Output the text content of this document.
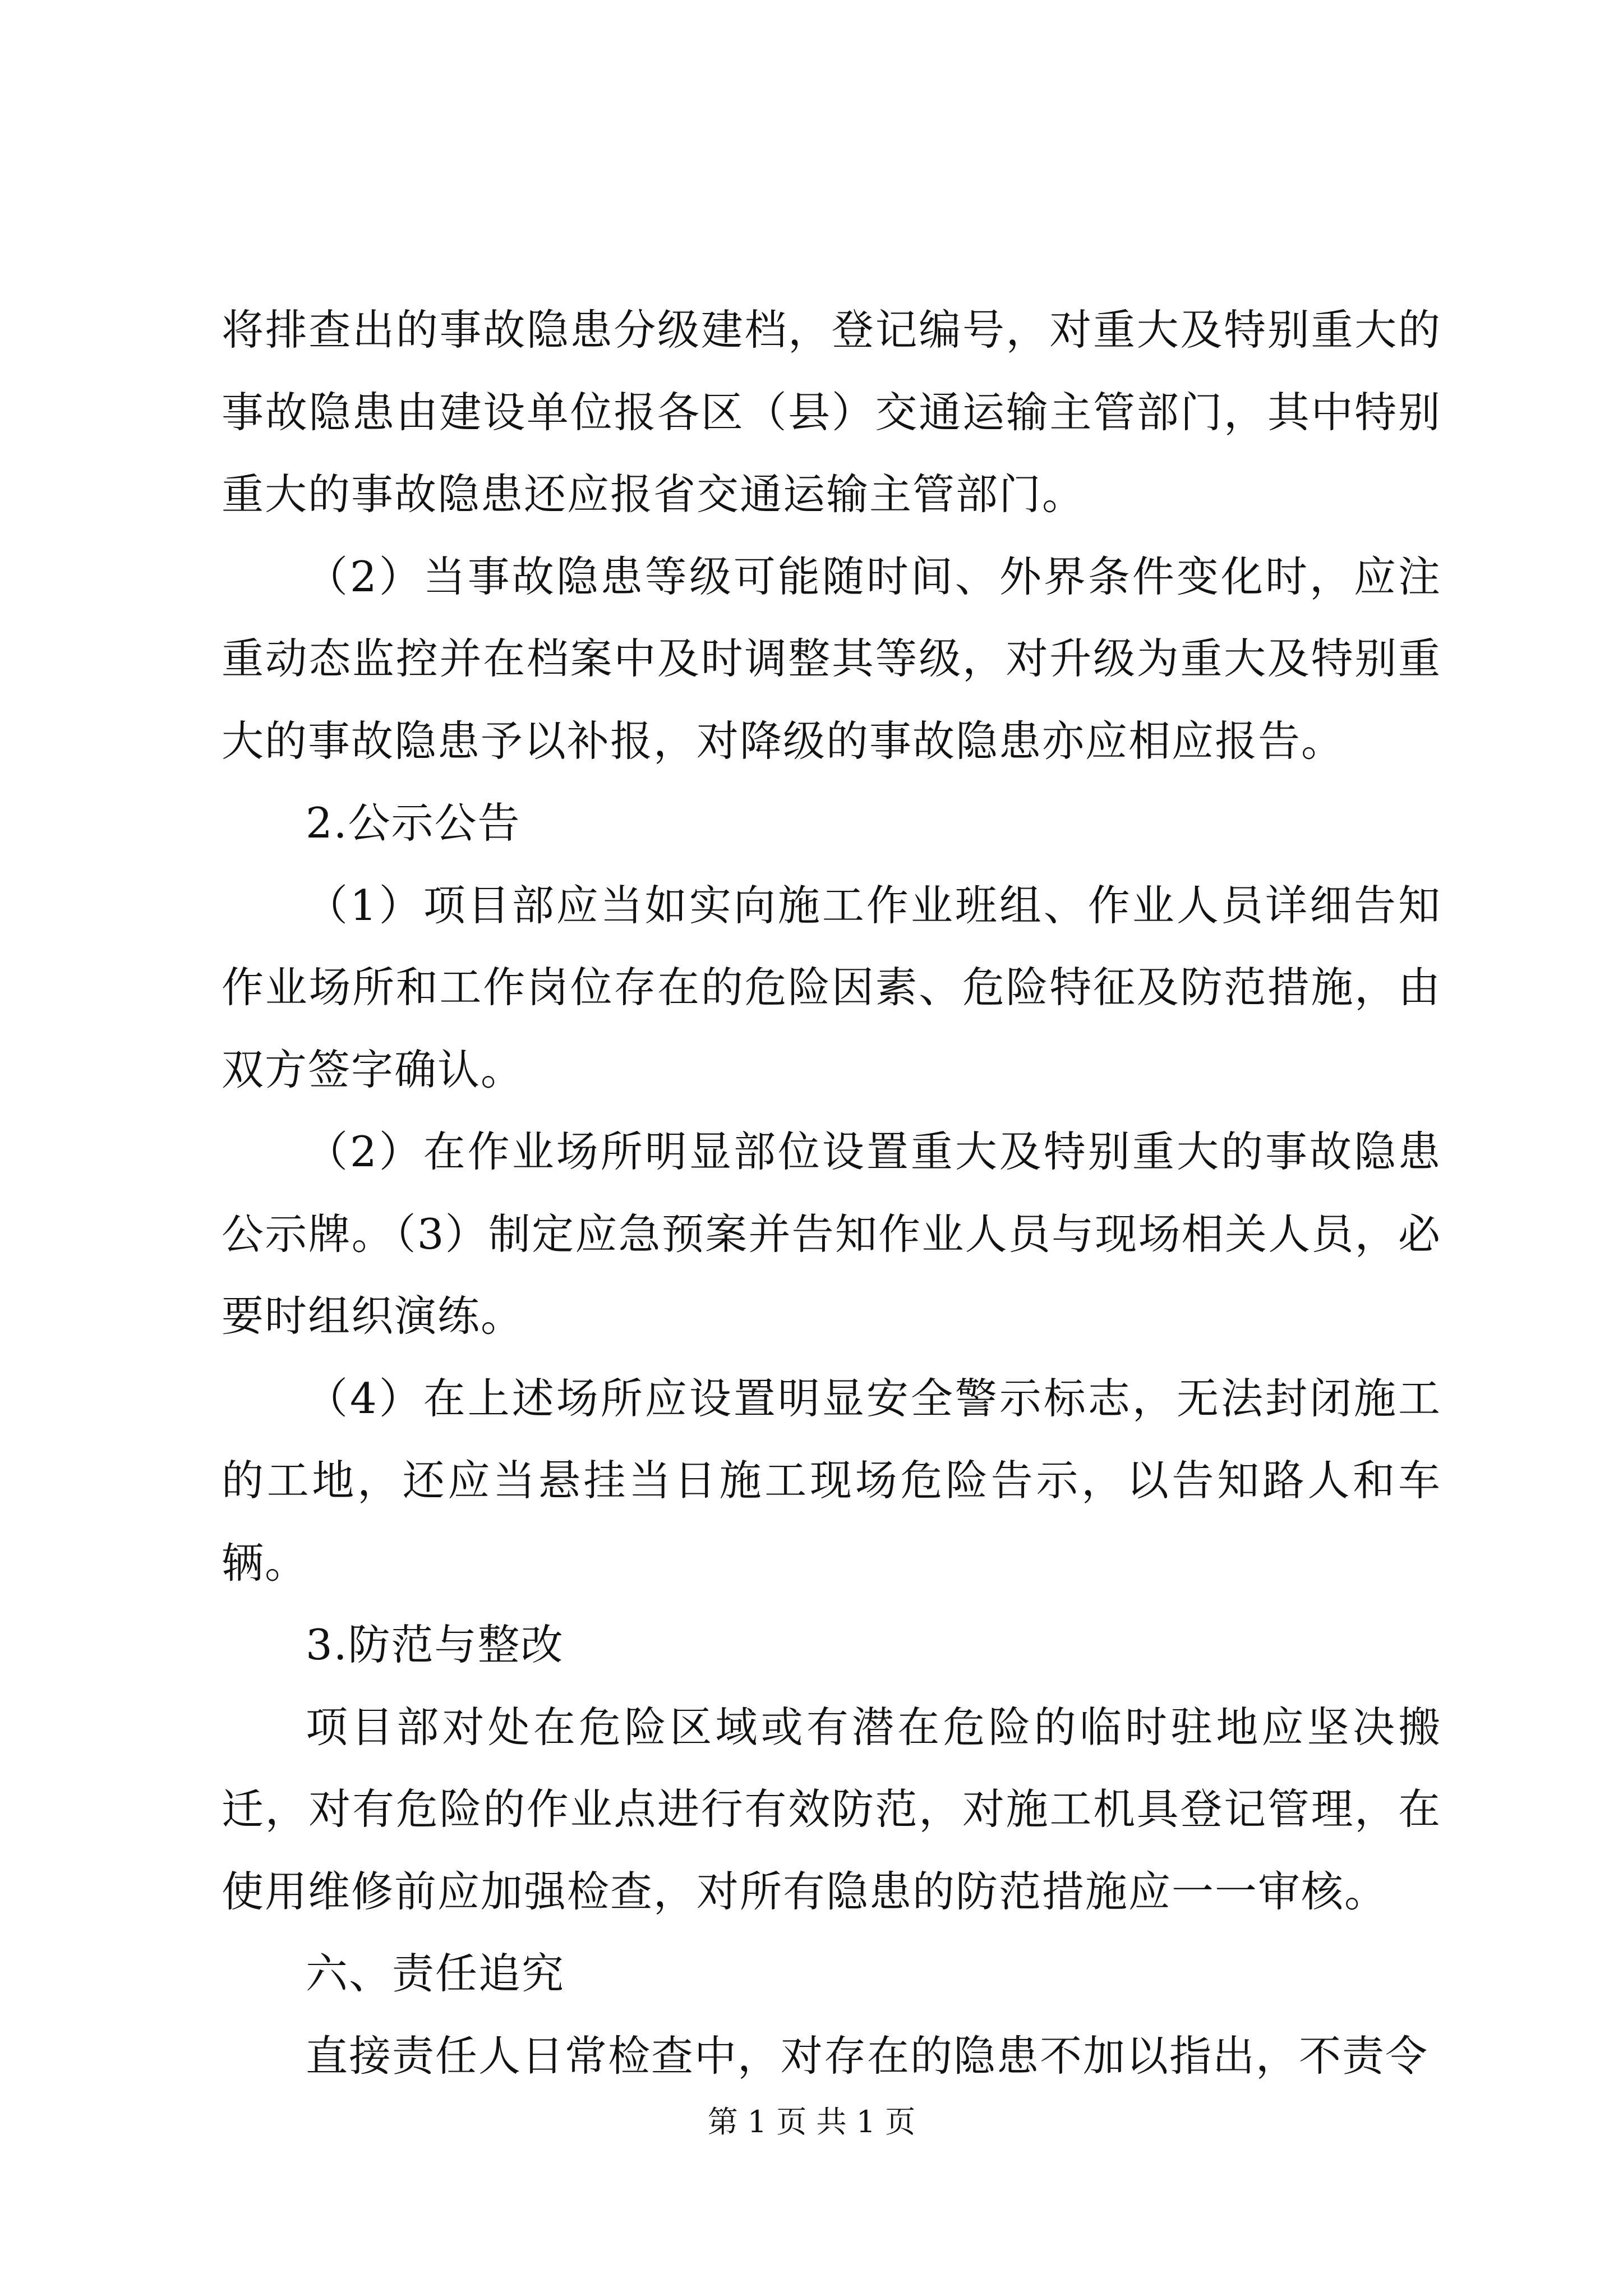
将排查出的事故隐患分级建档，登记编号，对重大及特别重大的事故隐患由建设单位报各区（县）交通运输主管部门，其中特别重大的事故隐患还应报省交通运输主管部门。

（2）当事故隐患等级可能随时间、外界条件变化时，应注重动态监控并在档案中及时调整其等级，对升级为重大及特别重大的事故隐患予以补报，对降级的事故隐患亦应相应报告。

2.公示公告

（1）项目部应当如实向施工作业班组、作业人员详细告知作业场所和工作岗位存在的危险因素、危险特征及防范措施，由双方签字确认。

（2）在作业场所明显部位设置重大及特别重大的事故隐患公示牌。（3）制定应急预案并告知作业人员与现场相关人员，必要时组织演练。

（4）在上述场所应设置明显安全警示标志，无法封闭施工的工地，还应当悬挂当日施工现场危险告示，以告知路人和车辆。

3.防范与整改

项目部对处在危险区域或有潜在危险的临时驻地应坚决搬迁，对有危险的作业点进行有效防范，对施工机具登记管理，在使用维修前应加强检查，对所有隐患的防范措施应一一审核。

六、责任追究

直接责任人日常检查中，对存在的隐患不加以指出，不责令

第 1 页 共 1 页
